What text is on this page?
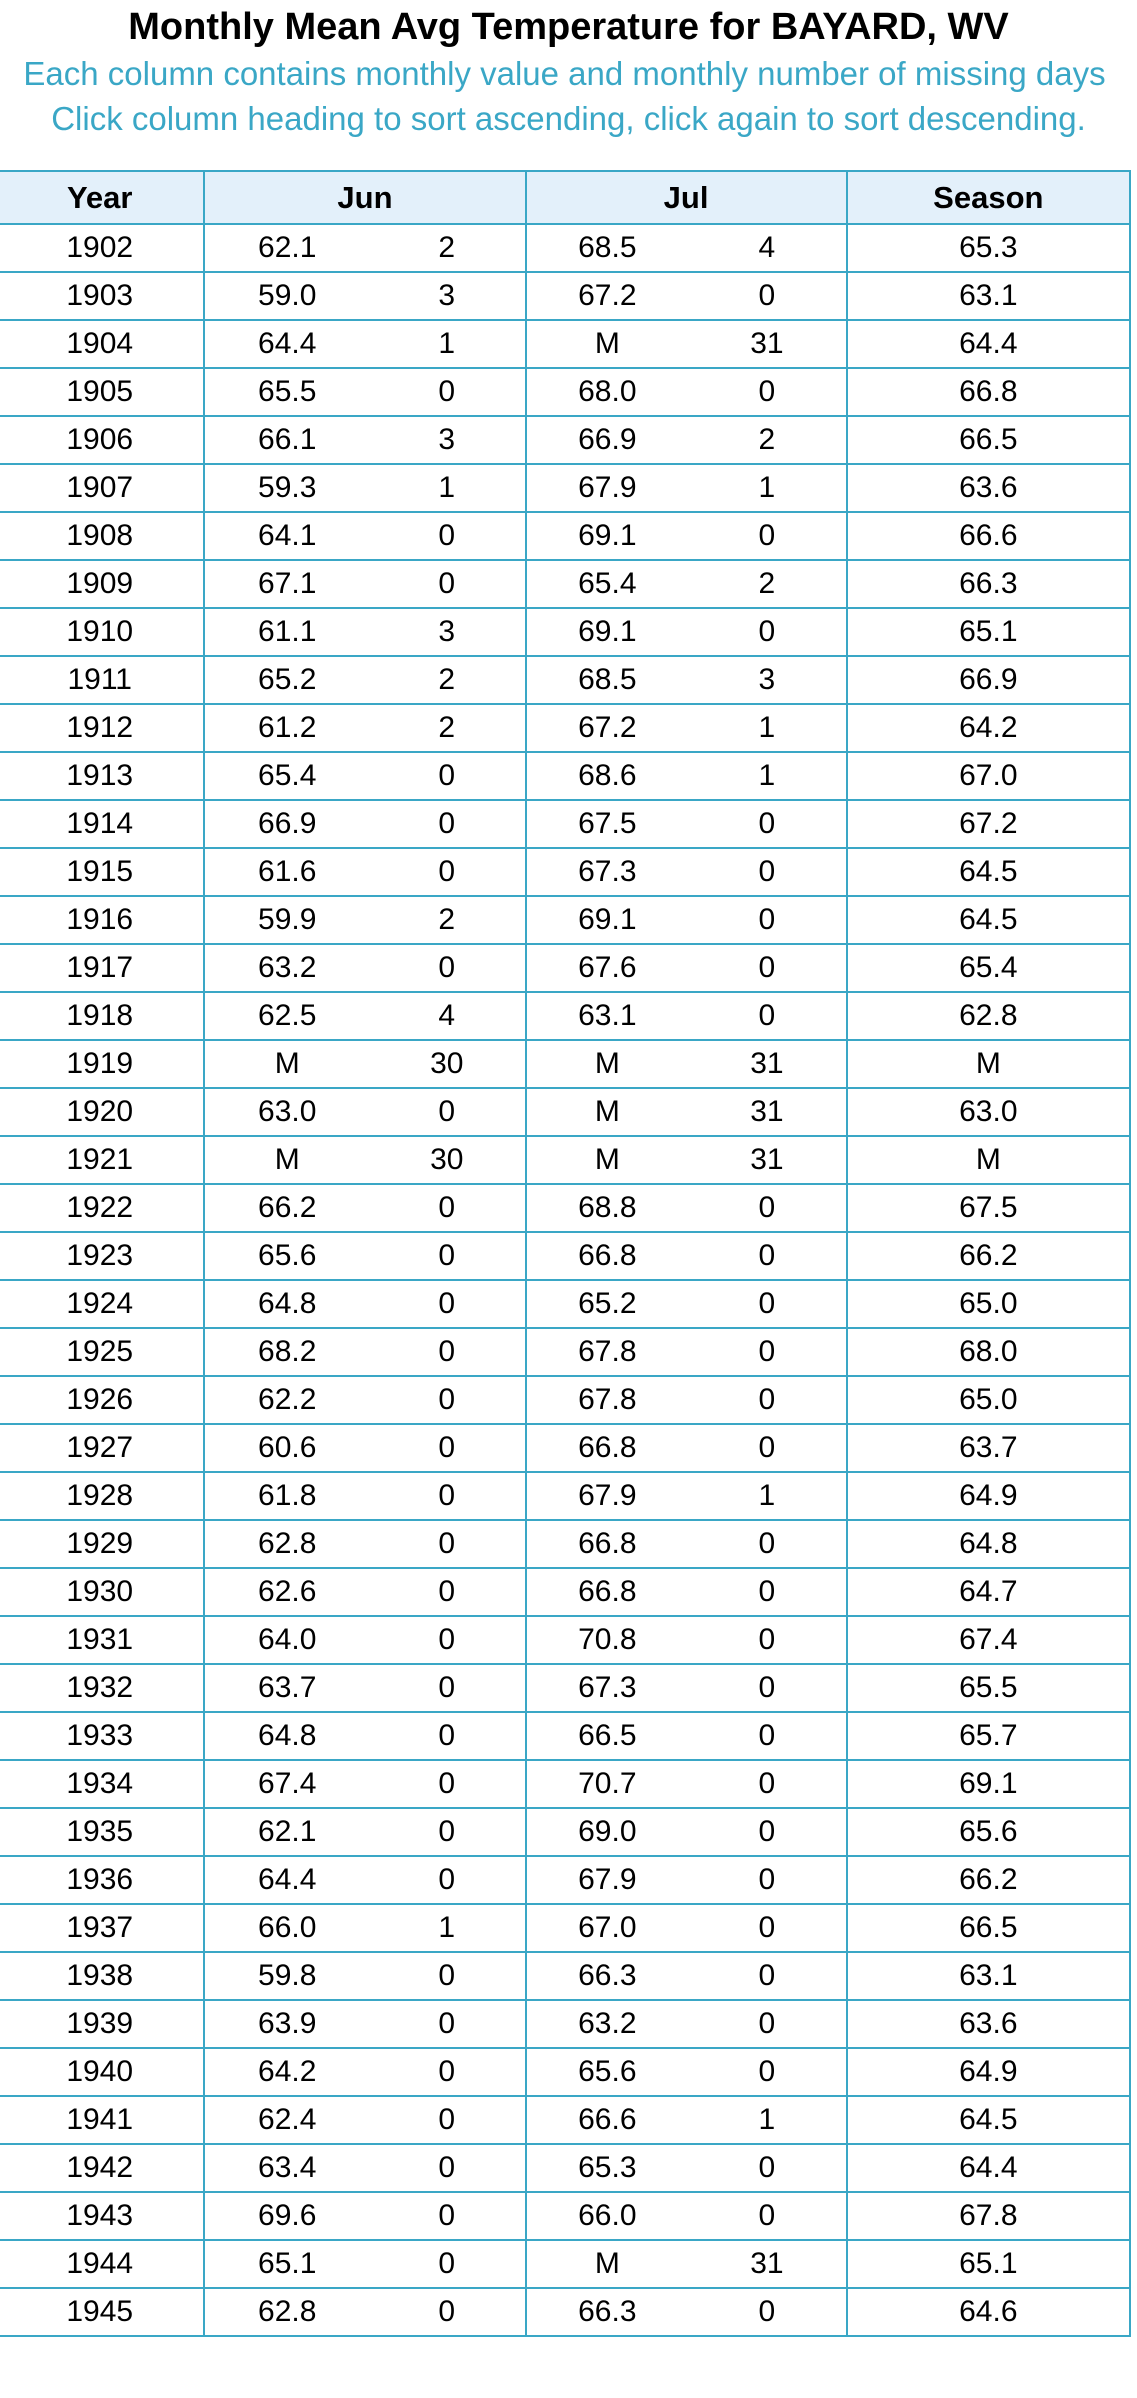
Monthly Mean Avg Temperature for BAYARD, WV
Each column contains monthly value and monthly number of missing days
Click column heading to sort ascending, click again to sort descending.
Year	Jun		Jul		Season
1902	62.1	2	68.5	4	65.3
1903	59.0	3	67.2	0	63.1
1904	64.4	1	M	31	64.4
1905	65.5	0	68.0	0	66.8
1906	66.1	3	66.9	2	66.5
1907	59.3	1	67.9	1	63.6
1908	64.1	0	69.1	0	66.6
1909	67.1	0	65.4	2	66.3
1910	61.1	3	69.1	0	65.1
1911	65.2	2	68.5	3	66.9
1912	61.2	2	67.2	1	64.2
1913	65.4	0	68.6	1	67.0
1914	66.9	0	67.5	0	67.2
1915	61.6	0	67.3	0	64.5
1916	59.9	2	69.1	0	64.5
1917	63.2	0	67.6	0	65.4
1918	62.5	4	63.1	0	62.8
1919	M	30	M	31	M
1920	63.0	0	M	31	63.0
1921	M	30	M	31	M
1922	66.2	0	68.8	0	67.5
1923	65.6	0	66.8	0	66.2
1924	64.8	0	65.2	0	65.0
1925	68.2	0	67.8	0	68.0
1926	62.2	0	67.8	0	65.0
1927	60.6	0	66.8	0	63.7
1928	61.8	0	67.9	1	64.9
1929	62.8	0	66.8	0	64.8
1930	62.6	0	66.8	0	64.7
1931	64.0	0	70.8	0	67.4
1932	63.7	0	67.3	0	65.5
1933	64.8	0	66.5	0	65.7
1934	67.4	0	70.7	0	69.1
1935	62.1	0	69.0	0	65.6
1936	64.4	0	67.9	0	66.2
1937	66.0	1	67.0	0	66.5
1938	59.8	0	66.3	0	63.1
1939	63.9	0	63.2	0	63.6
1940	64.2	0	65.6	0	64.9
1941	62.4	0	66.6	1	64.5
1942	63.4	0	65.3	0	64.4
1943	69.6	0	66.0	0	67.8
1944	65.1	0	M	31	65.1
1945	62.8	0	66.3	0	64.6
